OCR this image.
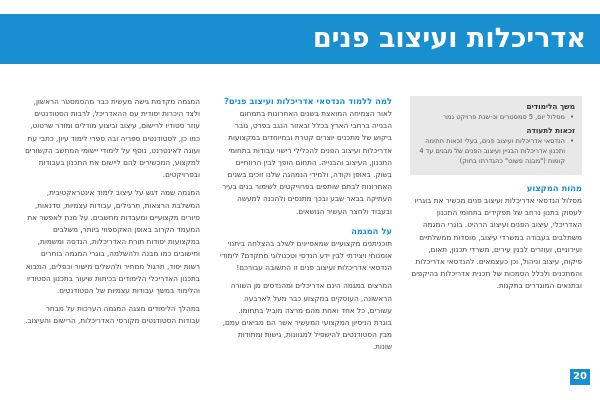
אדריכלות ועיצוב פנים

משך הלימודים

• מסלול יום, 5 סמסטרים וכ-שנת פרויקט גמר

זכאות לתעודה

• הנדסאי אדריכלות ועיצוב פנים, בעלי זכאות חתימה ותכנון אדריכלות הבניין ועיצוב הפנים של מבנים עד 4 קומות ("מבנה פשוט" כהגדרתו בחוק)

מהות המקצוע

מסלול הנדסאי אדריכלות ועיצוב פנים מכשיר את בוגריו לעסוק בתנון נרחב של תפקידים בתחומי התכנון האדריכלי, עיצוב הפנים ועיצוב הרהיט. בוגרי המגמה משתלבים בעבודה במשרדי עיצוב, מוסדות ממשלתיים ועירוניים, ועוזרים לבנין עירים, משרדי תכנון, תאום, פיקוח, עיצוב וניהול, וכן כעצמאים. להנדסאי אדריכלות והמתכנים ולכלל הסמכות של תכנית אדריכלות בהיקפים ובתנאים המוגדרים בתקנות.

למה ללמוד הנדסאי אדריכלות ועיצוב פנים?

לאור הצמיחה המואצת בשנים האחרונות בתמחום הבנייה ברחבי הארץ בכלל ובאזור הנגב בפרט, גובר ביקוש של מתכנים יוצרים קטרת ובמיוחדים במקצועות אדריכלות ועיצוב הפנים להכלילי רישוי עבודות בתחומי התכנון, העיצוב והבנייה. התחום הופך לבין הרווחיים בשוק. באופן וקודה, ולמידי הנמהגה שלנו זוכים בשנים האחרונות לבתם שותפים בפרוייקטים לשימור בנים בעיר העתיקה בבאר שבע ובכך מתנסים ולהכנה למעשה ובעבוד ולחצר העשיר הנושאים.

על המגמה

תוכניתנים מקצועיים שמאפיינים לשלב בהצלחה ביתנוי אומנותי ויצירתי לבין ידע הנדסי וטכנולוגי מתקדם? לימודי הנדסאי אדריכלות ועיצוב פנים זו התשובה עבורכם!

המרצים במגמה הינם אדריכלים ומהנדסים מן השורה הראשונה, העוסקים במקצוע כבר מעל לארבעה עשורים, כל אחד ואחת מהם מרצה מוביל בתחומו. בוגרת הניסיון המקצועי המעשיר אשר הם מביאים עמם, מבין הסטודנטים להישפיל למגוונות, גישות ומתודות שונות.

המגמה מקדמת גישה מעשית כבר מהסמסטר הראשון, ולצד היכרות יסודית עם ההאדריכל, לרבות הסטודנטים עוזר סטודיו לרישום, עיצוב וביצוע מודלים ומודר שרטוט, כמו כן, לסטודנטים ספריה ובה ספרי לימוד עיון, כתבי עת ועוגה לאינטרנט, נוסף על לימודי יישומי המחשב הקשורים למקצוע, המכשירים להם ליישום את התכנון בעבודות ובפרויקטים.

המגמה שמה דגש על עיצוב לימוד אינטראקטיבית, המשלבת הרצאות, תרגילים, עבודות עצמיות, סדנאות, סיורים מקצועיים ומעבדות מחשבים. על מנת לאפשר את המעמד הקרוב באופן האקספוזי ביותר, משלבים במקצועות יסודות תורת האדריכלות, הנדסה ומשמות, וחישובים כמו מבנה ולהשלמה, בוגרי המגמה בוחרים רשות יסוד, תרגול ממחיר ולהשלים מישור וכפלים, המבוא בתכנון האדריכלי הלימודים בכיתות שיעור בתכנון הסטודיו והלימוד במשך עבודות עצמיות של הסטודנטים.

במהלך הלימודים מצגה המגמה הערכות על מבחר עבודות הסטודנטים מקורסי האדריכלות, הרישום והעיצוב.

20
